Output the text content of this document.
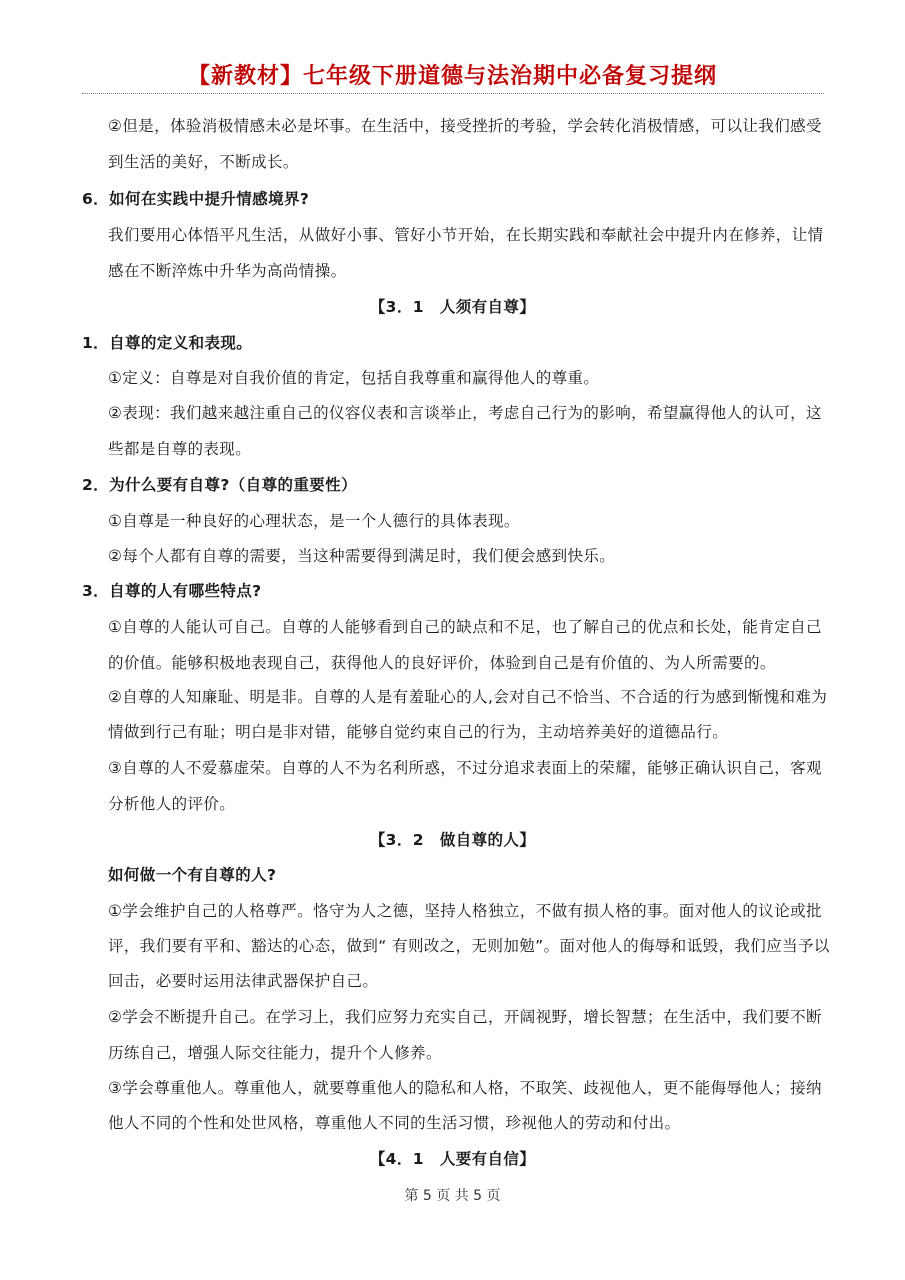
【新教材】七年级下册道德与法治期中必备复习提纲
②但是，体验消极情感未必是坏事。在生活中，接受挫折的考验，学会转化消极情感，可以让我们感受
到生活的美好，不断成长。
6．如何在实践中提升情感境界?
我们要用心体悟平凡生活，从做好小事、管好小节开始，在长期实践和奉献社会中提升内在修养，让情
感在不断淬炼中升华为高尚情操。
【3．1　人须有自尊】
1．自尊的定义和表现。
①定义：自尊是对自我价值的肯定，包括自我尊重和赢得他人的尊重。
②表现：我们越来越注重自己的仪容仪表和言谈举止，考虑自己行为的影响，希望赢得他人的认可，这
些都是自尊的表现。
2．为什么要有自尊?（自尊的重要性）
①自尊是一种良好的心理状态，是一个人德行的具体表现。
②每个人都有自尊的需要，当这种需要得到满足时，我们便会感到快乐。
3．自尊的人有哪些特点?
①自尊的人能认可自己。自尊的人能够看到自己的缺点和不足，也了解自己的优点和长处，能肯定自己
的价值。能够积极地表现自己，获得他人的良好评价，体验到自己是有价值的、为人所需要的。
②自尊的人知廉耻、明是非。自尊的人是有羞耻心的人,会对自己不恰当、不合适的行为感到惭愧和难为
情做到行己有耻；明白是非对错，能够自觉约束自己的行为，主动培养美好的道德品行。
③自尊的人不爱慕虚荣。自尊的人不为名利所惑，不过分追求表面上的荣耀，能够正确认识自己，客观
分析他人的评价。
【3．2　做自尊的人】
如何做一个有自尊的人?
①学会维护自己的人格尊严。恪守为人之德，坚持人格独立，不做有损人格的事。面对他人的议论或批
评，我们要有平和、豁达的心态，做到“ 有则改之，无则加勉”。面对他人的侮辱和诋毁，我们应当予以
回击，必要时运用法律武器保护自己。
②学会不断提升自己。在学习上，我们应努力充实自己，开阔视野，增长智慧；在生活中，我们要不断
历练自己，增强人际交往能力，提升个人修养。
③学会尊重他人。尊重他人，就要尊重他人的隐私和人格，不取笑、歧视他人，更不能侮辱他人；接纳
他人不同的个性和处世风格，尊重他人不同的生活习惯，珍视他人的劳动和付出。
【4．1　人要有自信】
第 5 页 共 5 页
